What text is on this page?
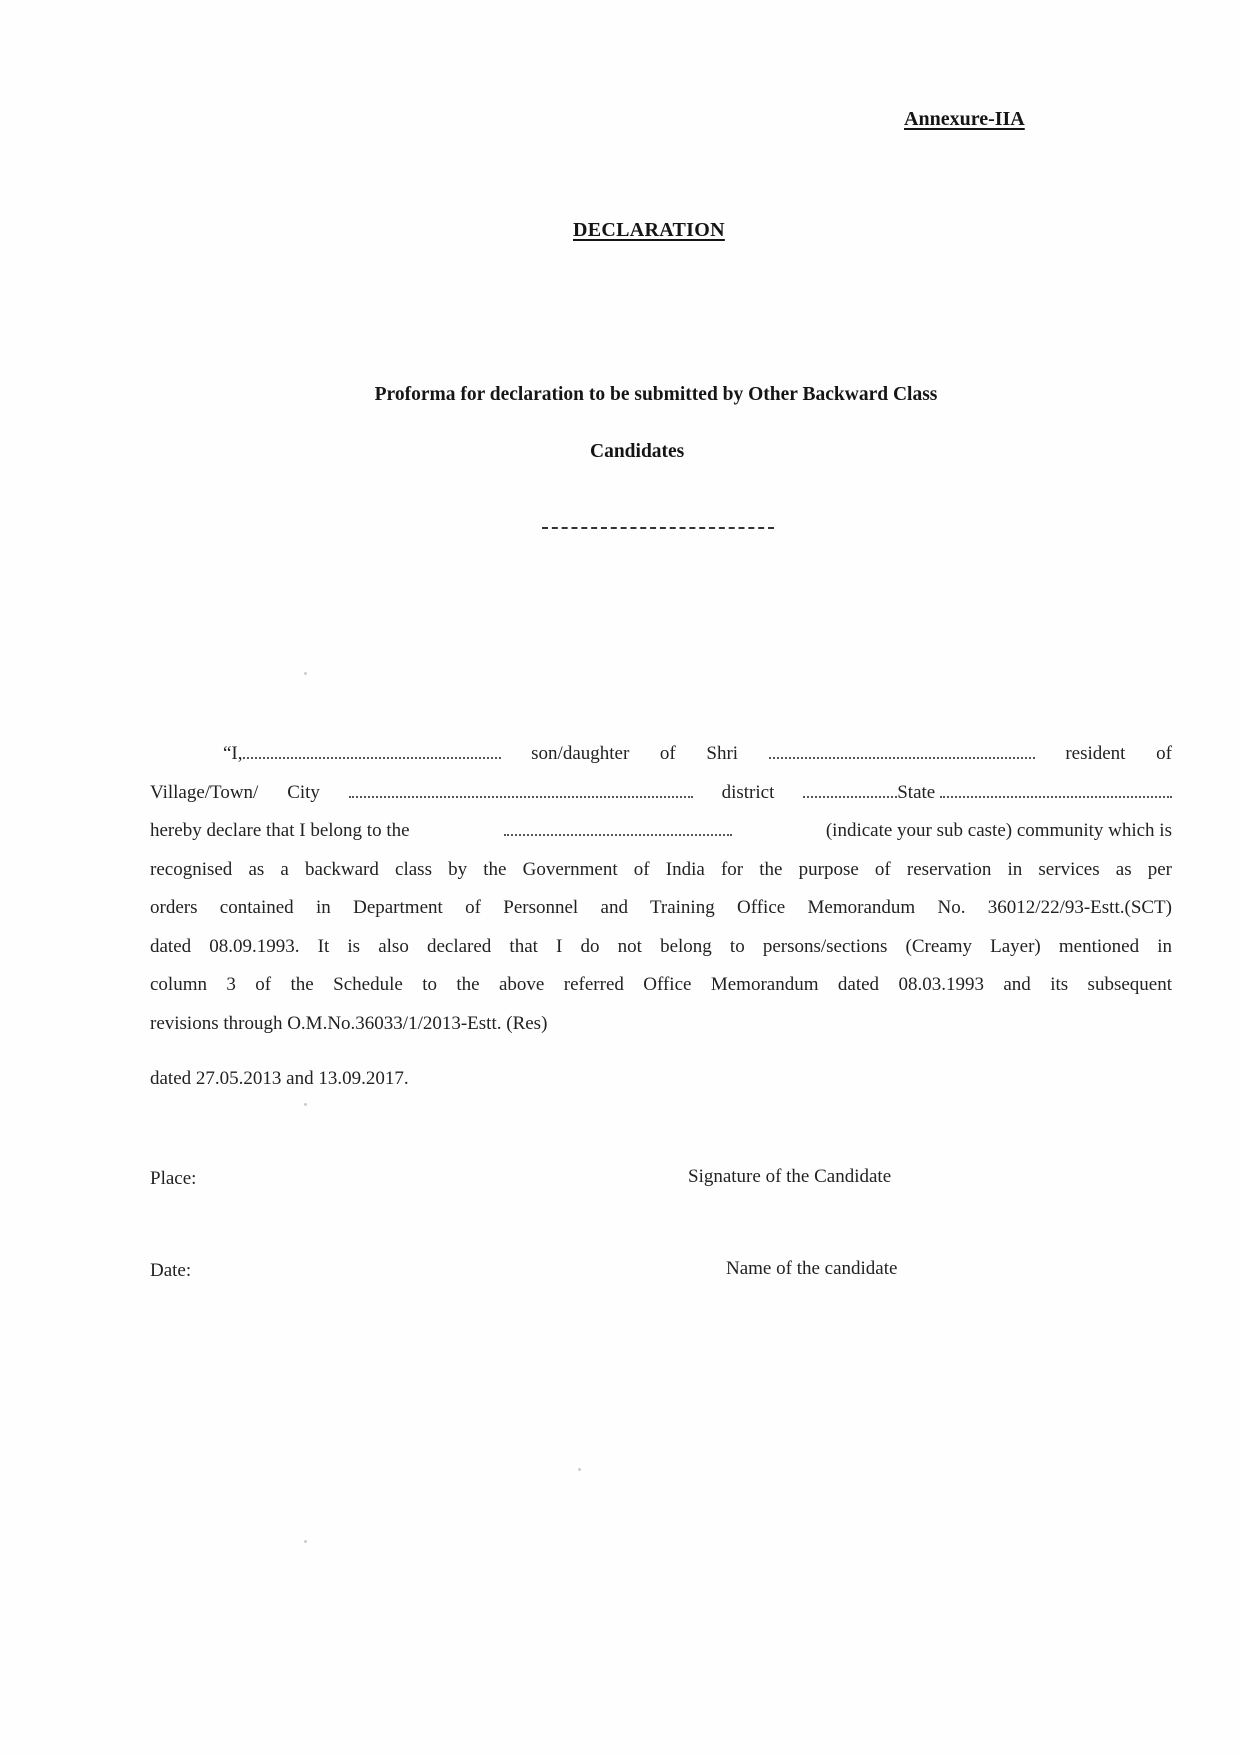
Annexure-IIA
DECLARATION
Proforma for declaration to be submitted by Other Backward Class
Candidates
“I,	son/daughter of Shri	resident of
Village/Town/ City	district	State
hereby declare that I belong to the	(indicate your sub caste) community which is
recognised as a backward class by the Government of India for the purpose of reservation in services as per
orders contained in Department of Personnel and Training Office Memorandum No. 36012/22/93-Estt.(SCT)
dated 08.09.1993. It is also declared that I do not belong to persons/sections (Creamy Layer) mentioned in
column 3 of the Schedule to the above referred Office Memorandum dated 08.03.1993 and its subsequent
revisions through O.M.No.36033/1/2013-Estt. (Res)
dated 27.05.2013 and 13.09.2017.
Place:	Signature of the Candidate
Date:	Name of the candidate
